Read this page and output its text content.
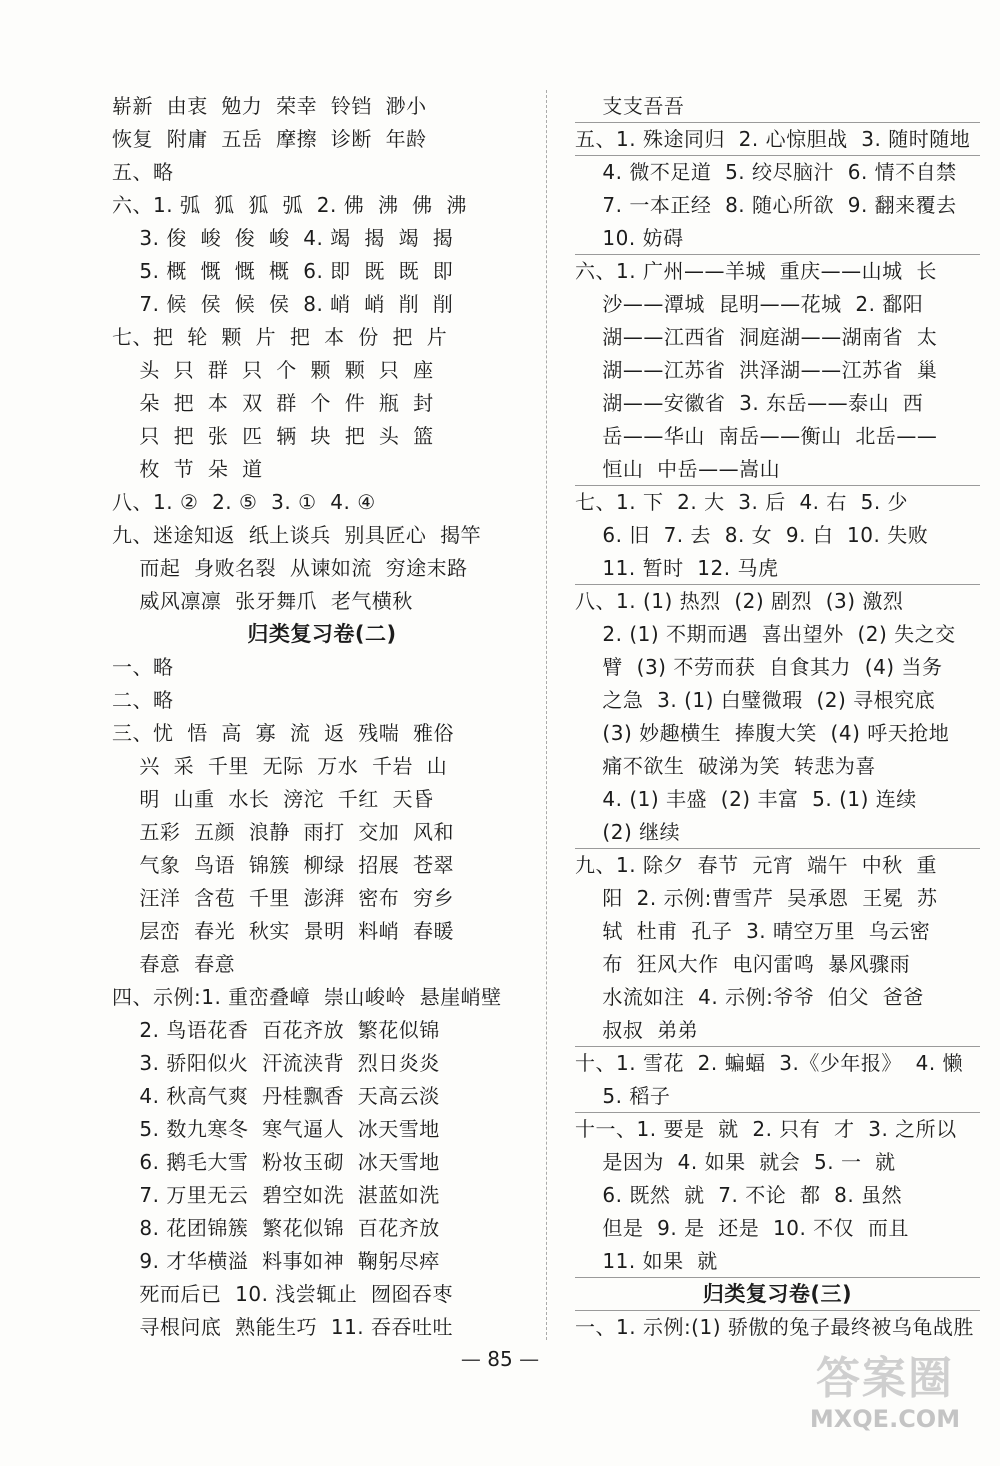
崭新  由衷  勉力  荣幸  铃铛  渺小
恢复  附庸  五岳  摩擦  诊断  年龄
五、略
六、1. 弧  狐  狐  弧  2. 佛  沸  佛  沸
3. 俊  峻  俊  峻  4. 竭  揭  竭  揭
5. 概  慨  慨  概  6. 即  既  既  即
7. 候  侯  候  侯  8. 峭  峭  削  削
七、把  轮  颗  片  把  本  份  把  片
头  只  群  只  个  颗  颗  只  座
朵  把  本  双  群  个  件  瓶  封
只  把  张  匹  辆  块  把  头  篮
枚  节  朵  道
八、1. ②  2. ⑤  3. ①  4. ④
九、迷途知返  纸上谈兵  别具匠心  揭竿
而起  身败名裂  从谏如流  穷途末路
威风凛凛  张牙舞爪  老气横秋
归类复习卷(二)
一、略
二、略
三、忧  悟  高  寡  流  返  残喘  雅俗
兴  采  千里  无际  万水  千岩  山
明  山重  水长  滂沱  千红  天昏
五彩  五颜  浪静  雨打  交加  风和
气象  鸟语  锦簇  柳绿  招展  苍翠
汪洋  含苞  千里  澎湃  密布  穷乡
层峦  春光  秋实  景明  料峭  春暖
春意  春意
四、示例:1. 重峦叠嶂  崇山峻岭  悬崖峭壁
2. 鸟语花香  百花齐放  繁花似锦
3. 骄阳似火  汗流浃背  烈日炎炎
4. 秋高气爽  丹桂飘香  天高云淡
5. 数九寒冬  寒气逼人  冰天雪地
6. 鹅毛大雪  粉妆玉砌  冰天雪地
7. 万里无云  碧空如洗  湛蓝如洗
8. 花团锦簇  繁花似锦  百花齐放
9. 才华横溢  料事如神  鞠躬尽瘁
死而后已  10. 浅尝辄止  囫囵吞枣
寻根问底  熟能生巧  11. 吞吞吐吐
支支吾吾
五、1. 殊途同归  2. 心惊胆战  3. 随时随地
4. 微不足道  5. 绞尽脑汁  6. 情不自禁
7. 一本正经  8. 随心所欲  9. 翻来覆去
10. 妨碍
六、1. 广州——羊城  重庆——山城  长
沙——潭城  昆明——花城  2. 鄱阳
湖——江西省  洞庭湖——湖南省  太
湖——江苏省  洪泽湖——江苏省  巢
湖——安徽省  3. 东岳——泰山  西
岳——华山  南岳——衡山  北岳——
恒山  中岳——嵩山
七、1. 下  2. 大  3. 后  4. 右  5. 少
6. 旧  7. 去  8. 女  9. 白  10. 失败
11. 暂时  12. 马虎
八、1. (1) 热烈  (2) 剧烈  (3) 激烈
2. (1) 不期而遇  喜出望外  (2) 失之交
臂  (3) 不劳而获  自食其力  (4) 当务
之急  3. (1) 白璧微瑕  (2) 寻根究底
(3) 妙趣横生  捧腹大笑  (4) 呼天抢地
痛不欲生  破涕为笑  转悲为喜
4. (1) 丰盛  (2) 丰富  5. (1) 连续
(2) 继续
九、1. 除夕  春节  元宵  端午  中秋  重
阳  2. 示例:曹雪芹  吴承恩  王冕  苏
轼  杜甫  孔子  3. 晴空万里  乌云密
布  狂风大作  电闪雷鸣  暴风骤雨
水流如注  4. 示例:爷爷  伯父  爸爸
叔叔  弟弟
十、1. 雪花  2. 蝙蝠  3.《少年报》  4. 懒
5. 稻子
十一、1. 要是  就  2. 只有  才  3. 之所以
是因为  4. 如果  就会  5. 一  就
6. 既然  就  7. 不论  都  8. 虽然
但是  9. 是  还是  10. 不仅  而且
11. 如果  就
归类复习卷(三)
一、1. 示例:(1) 骄傲的兔子最终被乌龟战胜
— 85 —	答案圈
MXQE.COM
